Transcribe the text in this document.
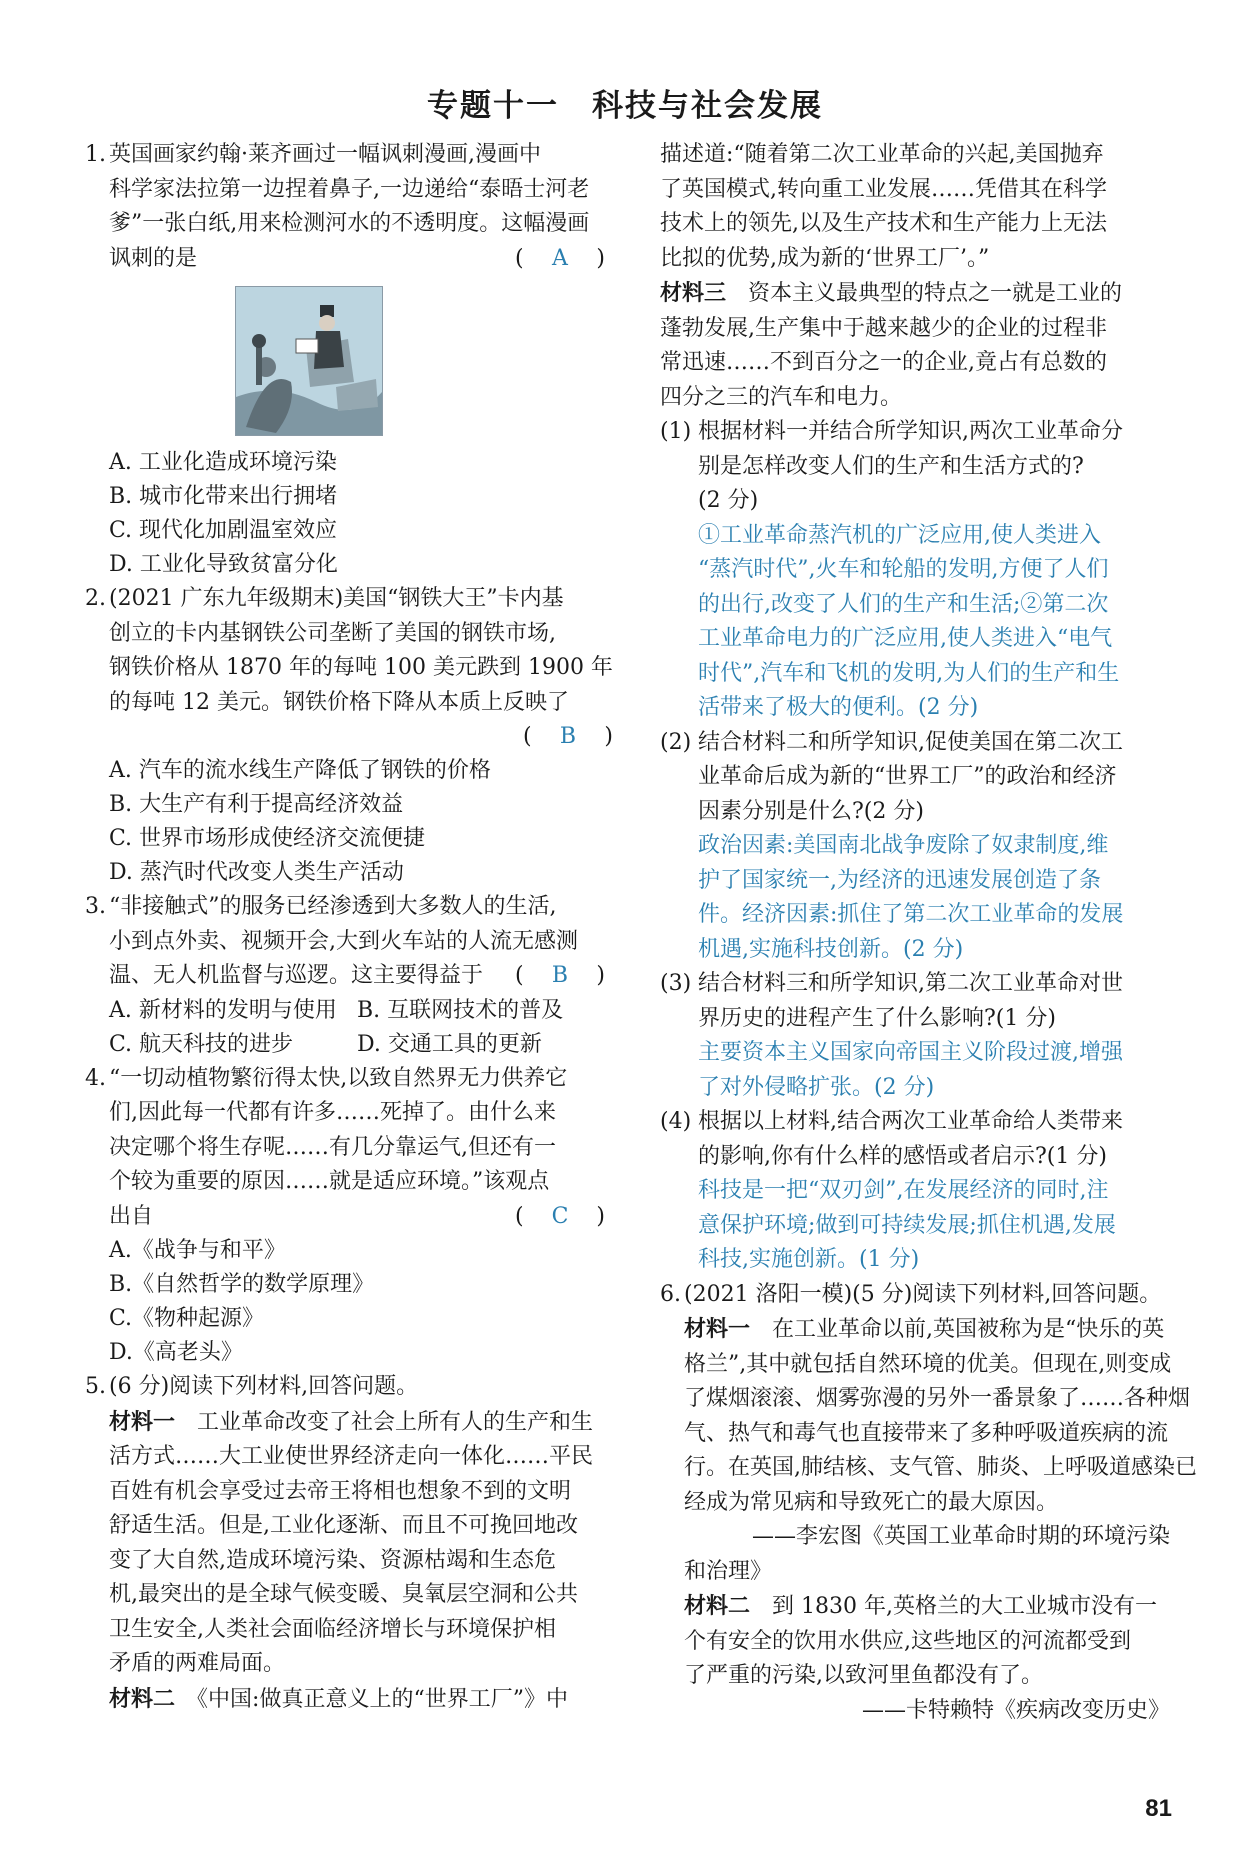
专题十一　科技与社会发展
1. 英国画家约翰·莱齐画过一幅讽刺漫画,漫画中
科学家法拉第一边捏着鼻子,一边递给“泰晤士河老
爹”一张白纸,用来检测河水的不透明度。这幅漫画
讽刺的是	( A )
A. 工业化造成环境污染
B. 城市化带来出行拥堵
C. 现代化加剧温室效应
D. 工业化导致贫富分化
2. (2021 广东九年级期末)美国“钢铁大王”卡内基
创立的卡内基钢铁公司垄断了美国的钢铁市场,
钢铁价格从 1870 年的每吨 100 美元跌到 1900 年
的每吨 12 美元。钢铁价格下降从本质上反映了
( B )
A. 汽车的流水线生产降低了钢铁的价格
B. 大生产有利于提高经济效益
C. 世界市场形成使经济交流便捷
D. 蒸汽时代改变人类生产活动
3. “非接触式”的服务已经渗透到大多数人的生活,
小到点外卖、视频开会,大到火车站的人流无感测
温、无人机监督与巡逻。这主要得益于 ( B )
A. 新材料的发明与使用 B. 互联网技术的普及
C. 航天科技的进步	D. 交通工具的更新
4. “一切动植物繁衍得太快,以致自然界无力供养它
们,因此每一代都有许多……死掉了。由什么来
决定哪个将生存呢……有几分靠运气,但还有一
个较为重要的原因……就是适应环境。”该观点
出自	( C )
A.《战争与和平》
B.《自然哲学的数学原理》
C.《物种起源》
D.《高老头》
5. (6 分)阅读下列材料,回答问题。
材料一　 工业革命改变了社会上所有人的生产和生
活方式……大工业使世界经济走向一体化……平民
百姓有机会享受过去帝王将相也想象不到的文明
舒适生活。但是,工业化逐渐、而且不可挽回地改
变了大自然,造成环境污染、资源枯竭和生态危
机,最突出的是全球气候变暖、臭氧层空洞和公共
卫生安全,人类社会面临经济增长与环境保护相
矛盾的两难局面。
材料二　 《中国:做真正意义上的“世界工厂”》中
描述道:“随着第二次工业革命的兴起,美国抛弃
了英国模式,转向重工业发展……凭借其在科学
技术上的领先,以及生产技术和生产能力上无法
比拟的优势,成为新的‘世界工厂’。”
材料三　 资本主义最典型的特点之一就是工业的
蓬勃发展,生产集中于越来越少的企业的过程非
常迅速……不到百分之一的企业,竟占有总数的
四分之三的汽车和电力。
(1) 根据材料一并结合所学知识,两次工业革命分
别是怎样改变人们的生产和生活方式的?
(2 分)
①工业革命蒸汽机的广泛应用,使人类进入
“蒸汽时代”,火车和轮船的发明,方便了人们
的出行,改变了人们的生产和生活;②第二次
工业革命电力的广泛应用,使人类进入“电气
时代”,汽车和飞机的发明,为人们的生产和生
活带来了极大的便利。(2 分)
(2) 结合材料二和所学知识,促使美国在第二次工
业革命后成为新的“世界工厂”的政治和经济
因素分别是什么?(2 分)
政治因素:美国南北战争废除了奴隶制度,维
护了国家统一,为经济的迅速发展创造了条
件。经济因素:抓住了第二次工业革命的发展
机遇,实施科技创新。(2 分)
(3) 结合材料三和所学知识,第二次工业革命对世
界历史的进程产生了什么影响?(1 分)
主要资本主义国家向帝国主义阶段过渡,增强
了对外侵略扩张。(2 分)
(4) 根据以上材料,结合两次工业革命给人类带来
的影响,你有什么样的感悟或者启示?(1 分)
科技是一把“双刃剑”,在发展经济的同时,注
意保护环境;做到可持续发展;抓住机遇,发展
科技,实施创新。(1 分)
6. (2021 洛阳一模)(5 分)阅读下列材料,回答问题。
材料一　 在工业革命以前,英国被称为是“快乐的英
格兰”,其中就包括自然环境的优美。但现在,则变成
了煤烟滚滚、烟雾弥漫的另外一番景象了……各种烟
气、热气和毒气也直接带来了多种呼吸道疾病的流
行。在英国,肺结核、支气管、肺炎、上呼吸道感染已
经成为常见病和导致死亡的最大原因。
——李宏图《英国工业革命时期的环境污染
和治理》
材料二　 到 1830 年,英格兰的大工业城市没有一
个有安全的饮用水供应,这些地区的河流都受到
了严重的污染,以致河里鱼都没有了。
——卡特赖特《疾病改变历史》
81
